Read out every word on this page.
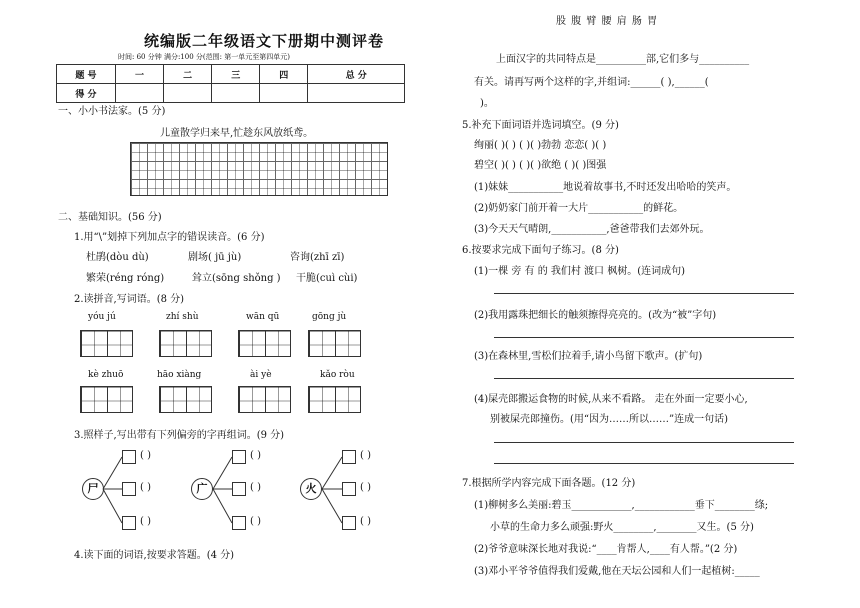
统编版二年级语文下册期中测评卷
时间: 60 分钟 满分:100 分(范围: 第一单元至第四单元)
题 号	一	二	三	四	总 分
得 分					
一、小小书法家。(5 分)
儿童散学归来早,忙趁东风放纸鸢。
二、基础知识。(56 分)
1.用“\”划掉下列加点字的错误读音。(6 分)
杜鹃(dòu dù)	剧场( jū jù)	咨询(zhī zī)
繁荣(réng róng)	耸立(sōng shǒng ) 干脆(cuì cùi)
2.读拼音,写词语。(8 分)
yóu jú	zhí shù	wān qū	gōng jù
kè zhuō	hāo xiàng	ài yè	kǎo ròu
3.照样子,写出带有下列偏旁的字再组词。(9 分)
尸	广	火
( )
( )
( )
( )
( )
( )
( )
( )
( )
4.读下面的词语,按要求答题。(4 分)
股 腹 臂 腰 肩 肠 胃
上面汉字的共同特点是__________部,它们多与__________
有关。请再写两个这样的字,并组词:______( ),______(
)。
5.补充下面词语并选词填空。(9 分)
绚丽( )( ) ( )( )勃勃 恋恋( )( )
碧空( )( ) ( )( )欲绝 ( )( )图强
(1)妹妹___________地说着故事书,不时还发出哈哈的笑声。
(2)奶奶家门前开着一大片___________的鲜花。
(3)今天天气晴朗,___________,爸爸带我们去郊外玩。
6.按要求完成下面句子练习。(8 分)
(1)一棵 旁 有 的 我们村 渡口 枫树。(连词成句)
(2)我用露珠把细长的触须擦得亮亮的。(改为“被”字句)
(3)在森林里,雪松们拉着手,请小鸟留下歌声。(扩句)
(4)屎壳郎搬运食物的时候,从来不看路。 走在外面一定要小心,
别被屎壳郎撞伤。(用“因为……所以……”连成一句话)
7.根据所学内容完成下面各题。(12 分)
(1)柳树多么美丽:碧玉____________,____________垂下________绦;
小草的生命力多么顽强:野火________,________又生。(5 分)
(2)爷爷意味深长地对我说:“____肯帮人,____有人帮。”(2 分)
(3)邓小平爷爷值得我们爱戴,他在天坛公园和人们一起植树:_____
